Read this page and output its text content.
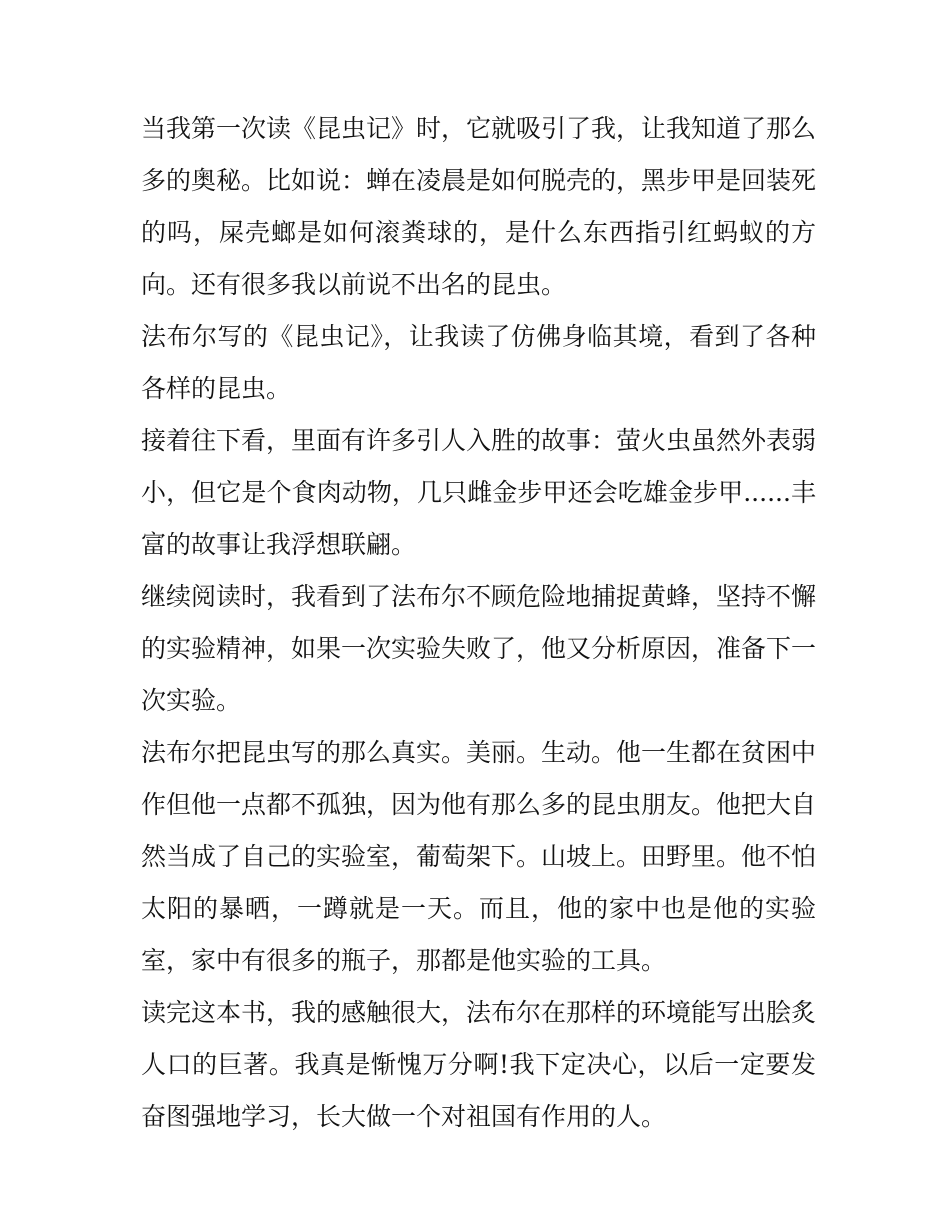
当我第一次读《昆虫记》时，它就吸引了我，让我知道了那么多的奥秘。比如说：蝉在凌晨是如何脱壳的，黑步甲是回装死的吗，屎壳螂是如何滚粪球的，是什么东西指引红蚂蚁的方向。还有很多我以前说不出名的昆虫。

法布尔写的《昆虫记》，让我读了仿佛身临其境，看到了各种各样的昆虫。

接着往下看，里面有许多引人入胜的故事：萤火虫虽然外表弱小，但它是个食肉动物，几只雌金步甲还会吃雄金步甲......丰富的故事让我浮想联翩。

继续阅读时，我看到了法布尔不顾危险地捕捉黄蜂，坚持不懈的实验精神，如果一次实验失败了，他又分析原因，准备下一次实验。

法布尔把昆虫写的那么真实。美丽。生动。他一生都在贫困中作但他一点都不孤独，因为他有那么多的昆虫朋友。他把大自然当成了自己的实验室，葡萄架下。山坡上。田野里。他不怕太阳的暴晒，一蹲就是一天。而且，他的家中也是他的实验室，家中有很多的瓶子，那都是他实验的工具。

读完这本书，我的感触很大，法布尔在那样的环境能写出脍炙人口的巨著。我真是惭愧万分啊!我下定决心，以后一定要发奋图强地学习，长大做一个对祖国有作用的人。
